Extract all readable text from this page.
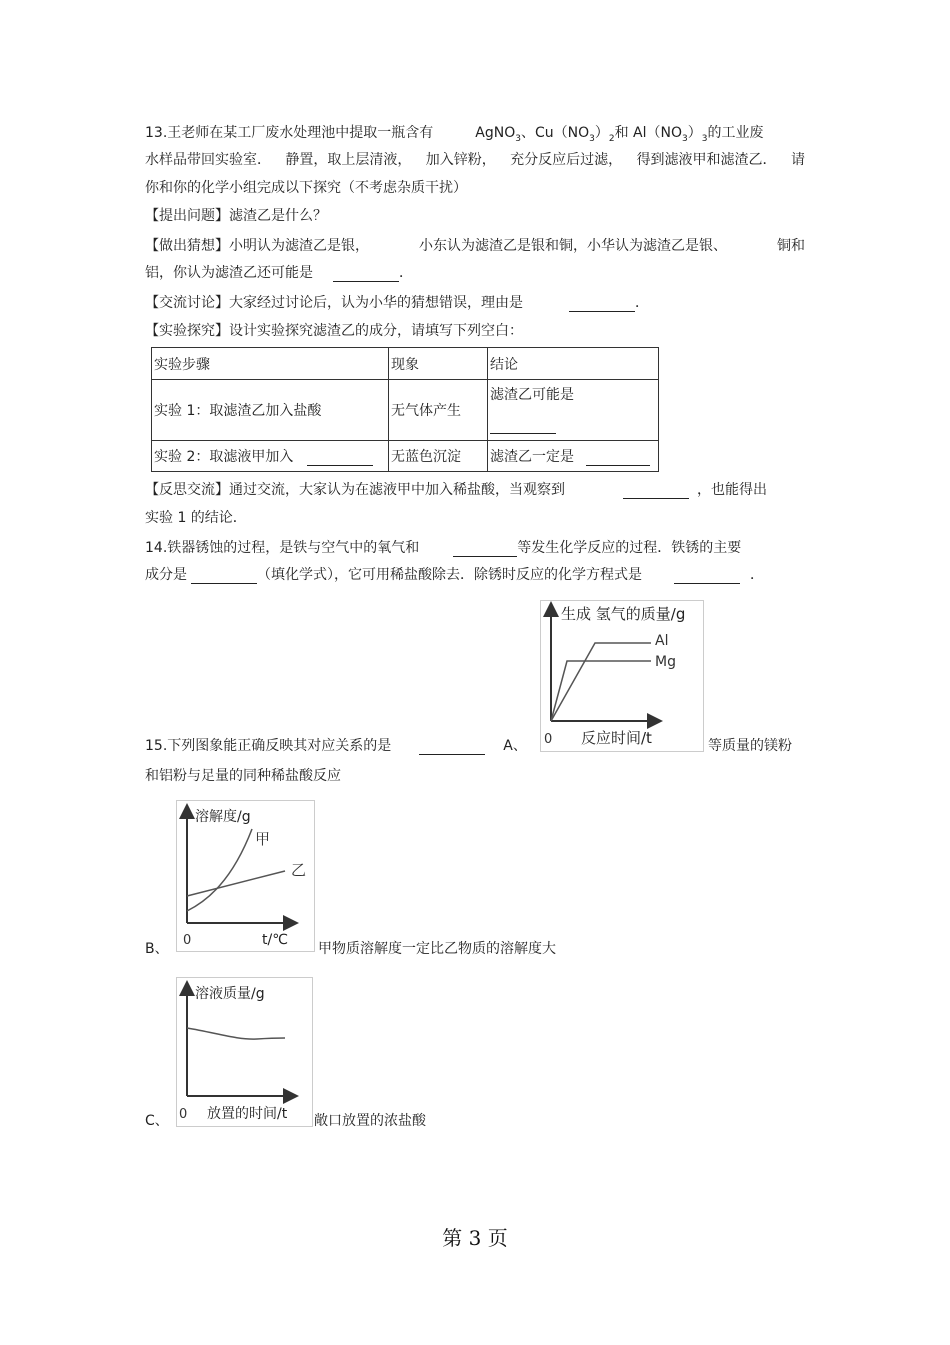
13.王老师在某工厂废水处理池中提取一瓶含有	AgNO$_3$、$Cu(NO_3)_2$和 $Al(NO_3)_3$的工业废
水样品带回实验室． 静置，取上层清液， 加入锌粉， 充分反应后过滤， 得到滤液甲和滤渣乙． 请
你和你的化学小组完成以下探究（不考虑杂质干扰）
【提出问题】滤渣乙是什么？
【做出猜想】小明认为滤渣乙是银，	小东认为滤渣乙是银和铜，小华认为滤渣乙是银、	铜和
铝，你认为滤渣乙还可能是	．
【交流讨论】大家经过讨论后，认为小华的猜想错误，理由是	．
【实验探究】设计实验探究滤渣乙的成分，请填写下列空白：
实验步骤	现象	结论
实验 1：取滤渣乙加入盐酸	无气体产生	滤渣乙可能是

实验 2：取滤液甲加入	无蓝色沉淀	滤渣乙一定是
【反思交流】通过交流，大家认为在滤液甲中加入稀盐酸，当观察到	，也能得出
实验 1 的结论．
14.铁器锈蚀的过程，是铁与空气中的氧气和	等发生化学反应的过程．铁锈的主要
成分是	（填化学式），它可用稀盐酸除去．除锈时反应的化学方程式是	．
15.下列图象能正确反映其对应关系的是	A、
生成 氢气的质量/g
Al
Mg
0 反应时间/t	等质量的镁粉
和铝粉与足量的同种稀盐酸反应
B、
溶解度/g
甲
乙
0	t/℃
甲物质溶解度一定比乙物质的溶解度大
C、
溶液质量/g
0 放置的时间/t 敞口放置的浓盐酸
第 3 页
